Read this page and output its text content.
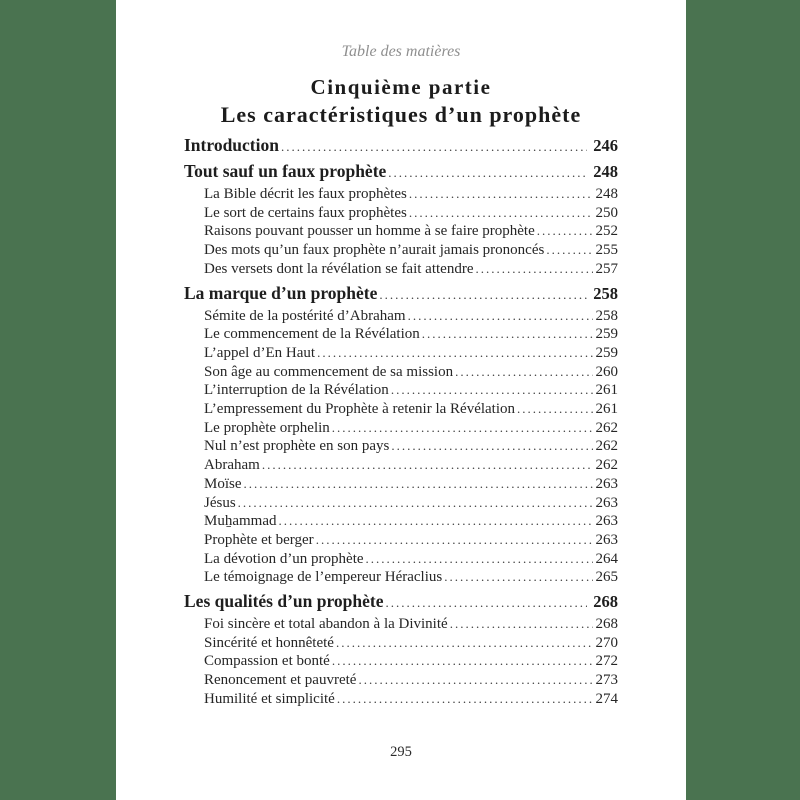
Table des matières
Cinquième partie
Les caractéristiques d’un prophète
Introduction .....	246
Tout sauf un faux prophète .....	248
La Bible décrit les faux prophètes .....	248
Le sort de certains faux prophètes .....	250
Raisons pouvant pousser un homme à se faire prophète .....	252
Des mots qu’un faux prophète n’aurait jamais prononcés .....	255
Des versets dont la révélation se fait attendre .....	257
La marque d’un prophète .....	258
Sémite de la postérité d’Abraham .....	258
Le commencement de la Révélation .....	259
L’appel d’En Haut .....	259
Son âge au commencement de sa mission .....	260
L’interruption de la Révélation .....	261
L’empressement du Prophète à retenir la Révélation .....	261
Le prophète orphelin .....	262
Nul n’est prophète en son pays .....	262
Abraham .....	262
Moïse .....	263
Jésus .....	263
Muẖammad .....	263
Prophète et berger .....	263
La dévotion d’un prophète .....	264
Le témoignage de l’empereur Héraclius .....	265
Les qualités d’un prophète .....	268
Foi sincère et total abandon à la Divinité .....	268
Sincérité et honnêteté .....	270
Compassion et bonté .....	272
Renoncement et pauvreté .....	273
Humilité et simplicité .....	274
295
